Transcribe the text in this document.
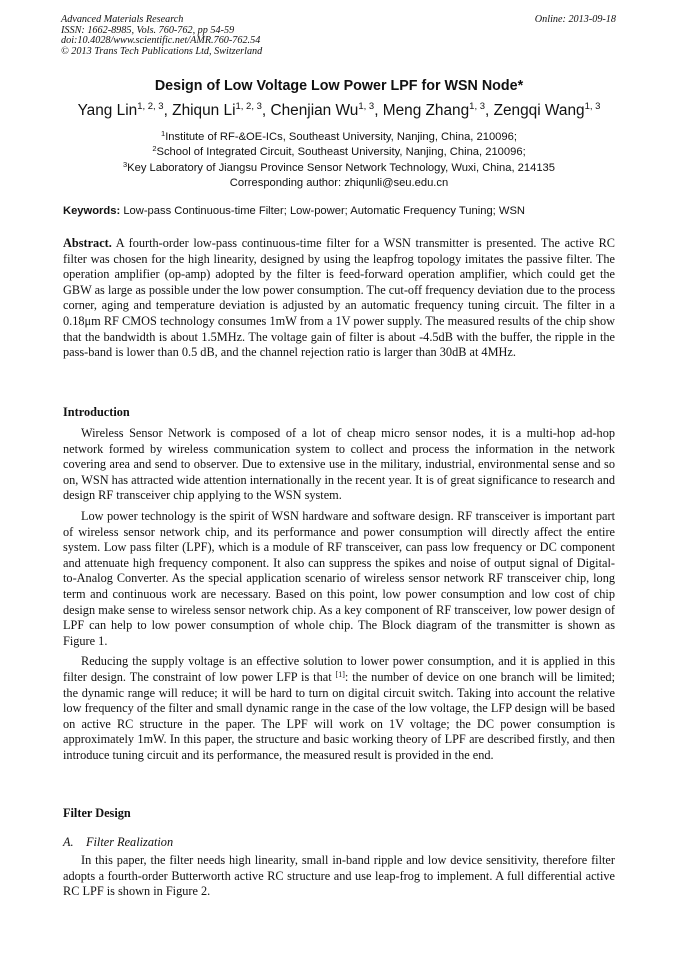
Advanced Materials Research
ISSN: 1662-8985, Vols. 760-762, pp 54-59
doi:10.4028/www.scientific.net/AMR.760-762.54
© 2013 Trans Tech Publications Ltd, Switzerland
Online: 2013-09-18
Design of Low Voltage Low Power LPF for WSN Node*
Yang Lin$^{1, 2, 3}$, Zhiqun Li$^{1, 2, 3}$, Chenjian Wu$^{1, 3}$, Meng Zhang$^{1, 3}$, Zengqi Wang$^{1, 3}$
$^1$Institute of RF-&OE-ICs, Southeast University, Nanjing, China, 210096;
$^2$School of Integrated Circuit, Southeast University, Nanjing, China, 210096;
$^3$Key Laboratory of Jiangsu Province Sensor Network Technology, Wuxi, China, 214135
Corresponding author: zhiqunli@seu.edu.cn
Keywords: Low-pass Continuous-time Filter; Low-power; Automatic Frequency Tuning; WSN

Abstract. A fourth-order low-pass continuous-time filter for a WSN transmitter is presented. The active RC filter was chosen for the high linearity, designed by using the leapfrog topology imitates the passive filter. The operation amplifier (op-amp) adopted by the filter is feed-forward operation amplifier, which could get the GBW as large as possible under the low power consumption. The cut-off frequency deviation due to the process corner, aging and temperature deviation is adjusted by an automatic frequency tuning circuit. The filter in a 0.18μm RF CMOS technology consumes 1mW from a 1V power supply. The measured results of the chip show that the bandwidth is about 1.5MHz. The voltage gain of filter is about -4.5dB with the buffer, the ripple in the pass-band is lower than 0.5 dB, and the channel rejection ratio is larger than 30dB at 4MHz.

Introduction

Wireless Sensor Network is composed of a lot of cheap micro sensor nodes, it is a multi-hop ad-hop network formed by wireless communication system to collect and process the information in the network covering area and send to observer. Due to extensive use in the military, industrial, environmental sense and so on, WSN has attracted wide attention internationally in the recent year. It is of great significance to research and design RF transceiver chip applying to the WSN system.

Low power technology is the spirit of WSN hardware and software design. RF transceiver is important part of wireless sensor network chip, and its performance and power consumption will directly affect the entire system. Low pass filter (LPF), which is a module of RF transceiver, can pass low frequency or DC component and attenuate high frequency component. It also can suppress the spikes and noise of output signal of Digital-to-Analog Converter. As the special application scenario of wireless sensor network RF transceiver chip, long term and continuous work are necessary. Based on this point, low power consumption and low cost of chip design make sense to wireless sensor network chip. As a key component of RF transceiver, low power design of LPF can help to low power consumption of whole chip. The Block diagram of the transmitter is shown as Figure 1.

Reducing the supply voltage is an effective solution to lower power consumption, and it is applied in this filter design. The constraint of low power LFP is that [1]: the number of device on one branch will be limited; the dynamic range will reduce; it will be hard to turn on digital circuit switch. Taking into account the relative low frequency of the filter and small dynamic range in the case of the low voltage, the LFP design will be based on active RC structure in the paper. The LPF will work on 1V voltage; the DC power consumption is approximately 1mW. In this paper, the structure and basic working theory of LPF are described firstly, and then introduce tuning circuit and its performance, the measured result is provided in the end.

Filter Design
A. Filter Realization

In this paper, the filter needs high linearity, small in-band ripple and low device sensitivity, therefore filter adopts a fourth-order Butterworth active RC structure and use leap-frog to implement. A full differential active RC LPF is shown in Figure 2.
